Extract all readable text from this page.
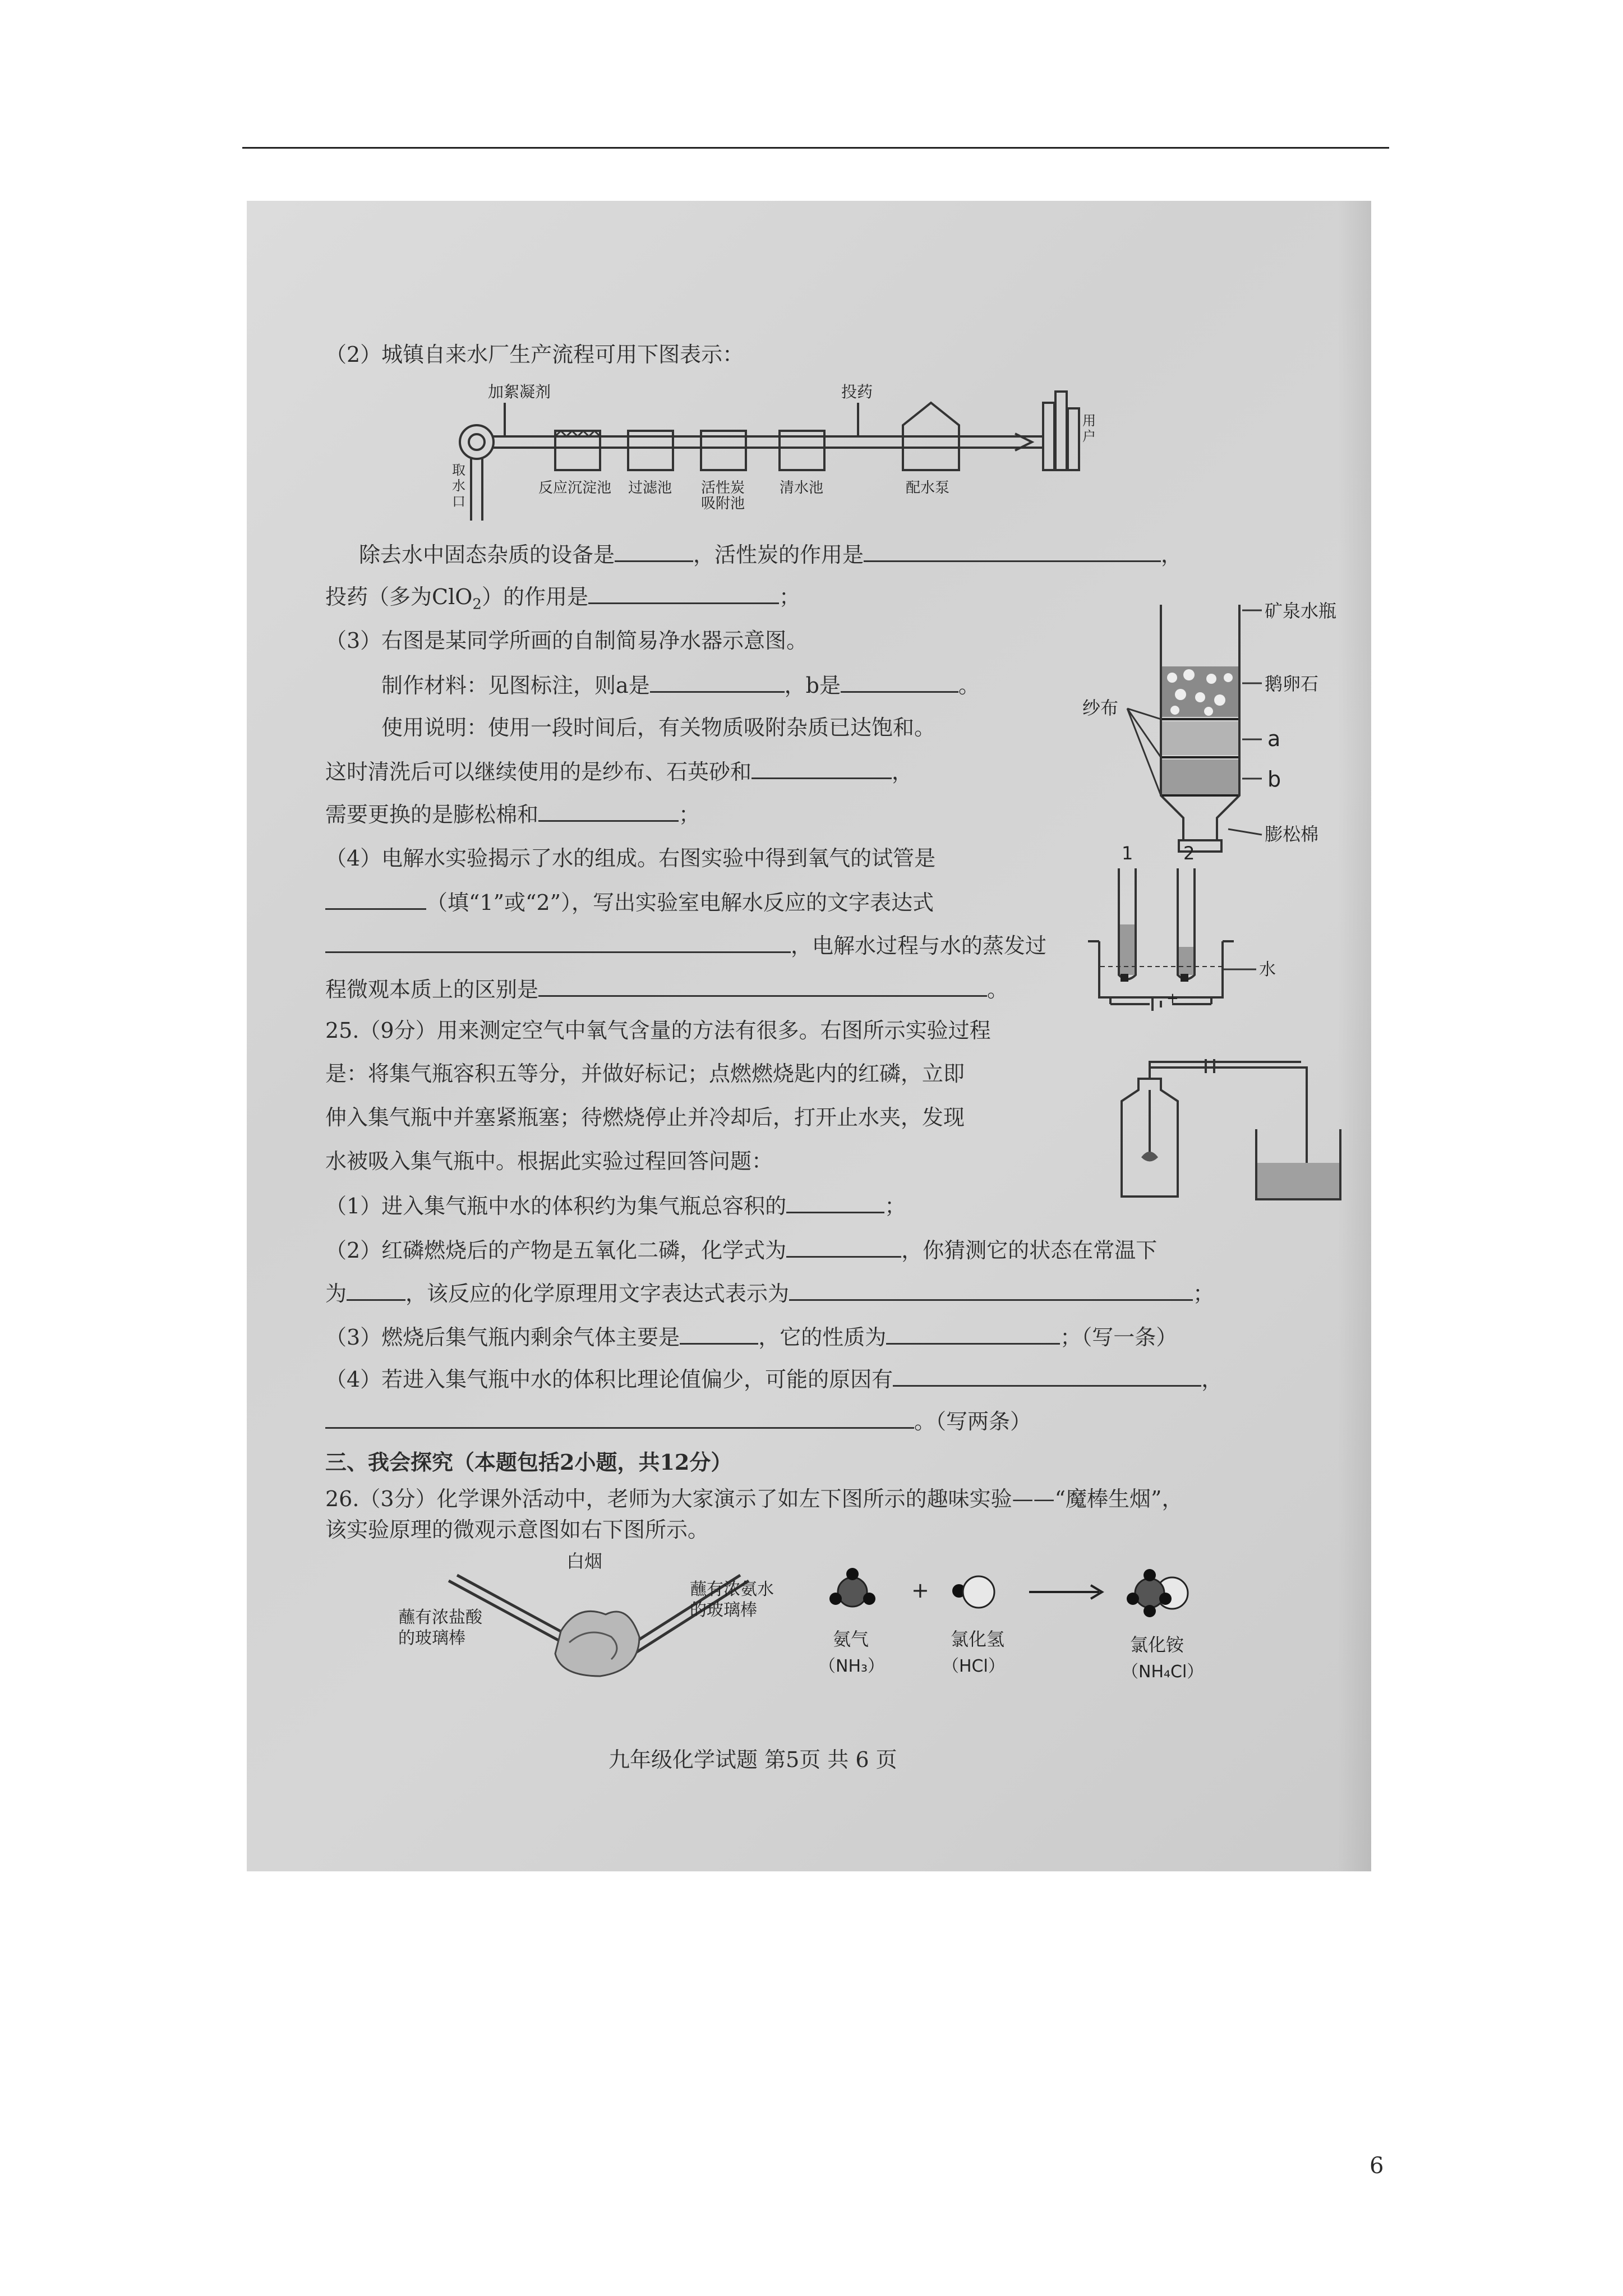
（2）城镇自来水厂生产流程可用下图表示：
加絮凝剂	投药
取
水
口
反应沉淀池 过滤池 活性炭
吸附池
清水池	配水泵
用
户
除去水中固态杂质的设备是	，活性炭的作用是	，
投药（多为ClO$_2$）的作用是	；
（3）右图是某同学所画的自制简易净水器示意图。
制作材料：见图标注，则a是	，b是	。
使用说明：使用一段时间后，有关物质吸附杂质已达饱和。
这时清洗后可以继续使用的是纱布、石英砂和	，
需要更换的是膨松棉和	；
矿泉水瓶
鹅卵石
a
b
膨松棉
纱布
（4）电解水实验揭示了水的组成。右图实验中得到氧气的试管是
（填“1”或“2”），写出实验室电解水反应的文字表达式
，电解水过程与水的蒸发过
程微观本质上的区别是	。
1	2
水
+
25.（9分）用来测定空气中氧气含量的方法有很多。右图所示实验过程
是：将集气瓶容积五等分，并做好标记；点燃燃烧匙内的红磷，立即
伸入集气瓶中并塞紧瓶塞；待燃烧停止并冷却后，打开止水夹，发现
水被吸入集气瓶中。根据此实验过程回答问题：
（1）进入集气瓶中水的体积约为集气瓶总容积的	；
（2）红磷燃烧后的产物是五氧化二磷，化学式为	，你猜测它的状态在常温下
为	，该反应的化学原理用文字表达式表示为	；
（3）燃烧后集气瓶内剩余气体主要是	，它的性质为	；（写一条）
（4）若进入集气瓶中水的体积比理论值偏少，可能的原因有	，
。（写两条）
三、我会探究（本题包括2小题，共12分）
26.（3分）化学课外活动中，老师为大家演示了如左下图所示的趣味实验——“魔棒生烟”，
该实验原理的微观示意图如右下图所示。
白烟
蘸有浓盐酸
的玻璃棒
蘸有浓氨水
的玻璃棒
+
氨气
（NH₃）
氯化氢
（HCl）
氯化铵
（NH₄Cl）
九年级化学试题 第5页 共 6 页
6
